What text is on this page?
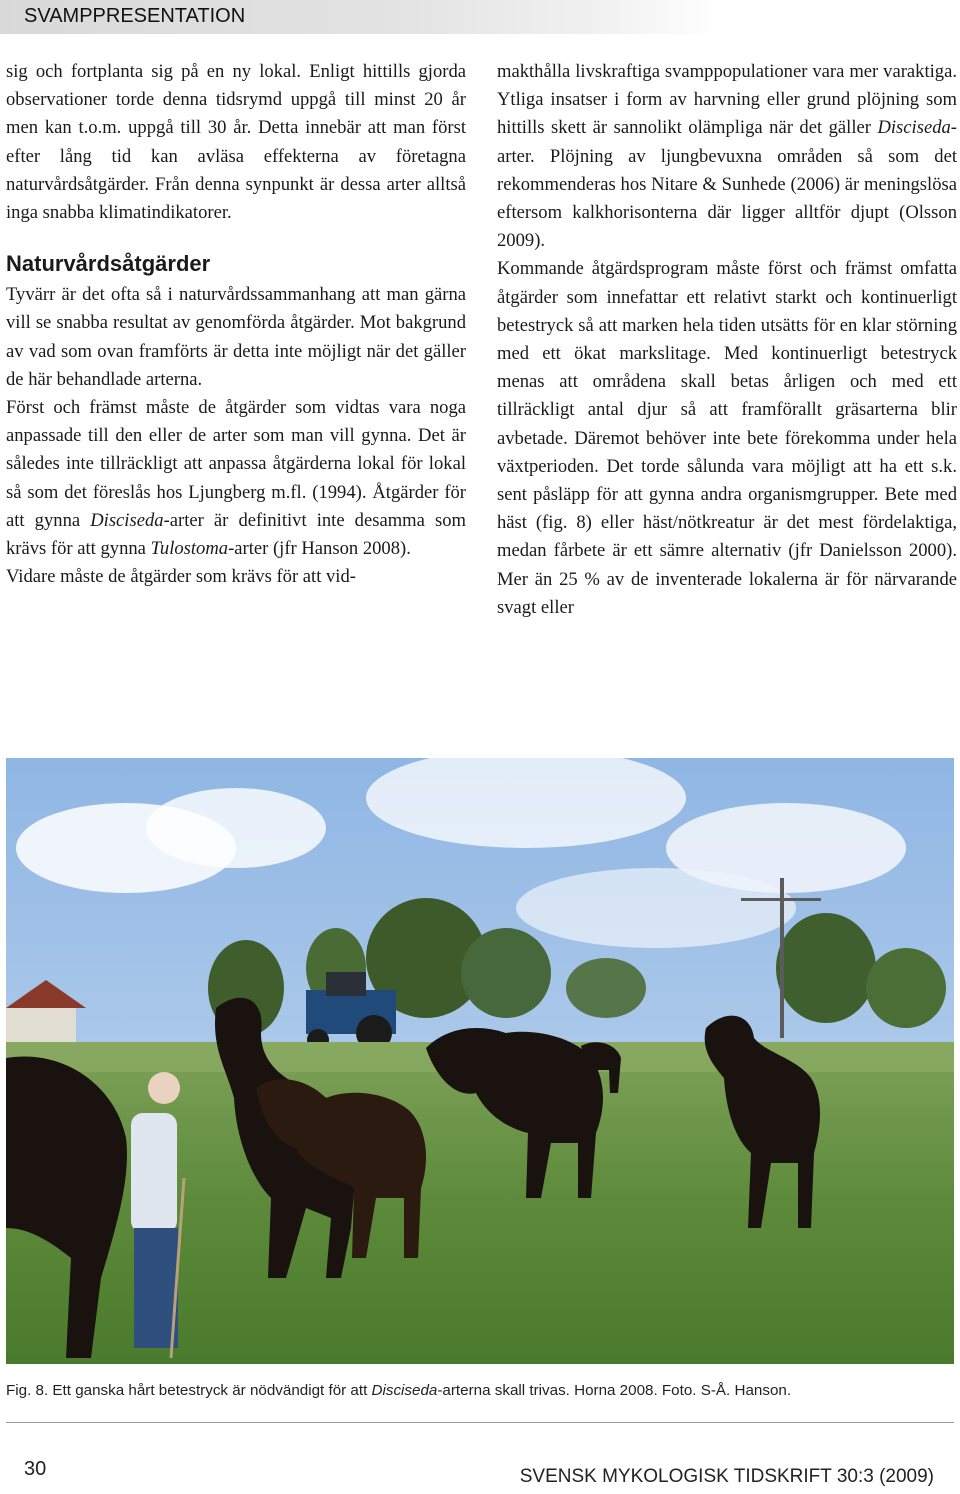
SVAMPPRESENTATION

sig och fortplanta sig på en ny lokal. Enligt hittills gjorda observationer torde denna tidsrymd uppgå till minst 20 år men kan t.o.m. uppgå till 30 år. Detta innebär att man först efter lång tid kan avläsa effekterna av företagna naturvårdsåtgärder. Från denna synpunkt är dessa arter alltså inga snabba klimatindikatorer.

Naturvårdsåtgärder

Tyvärr är det ofta så i naturvårdssammanhang att man gärna vill se snabba resultat av genomförda åtgärder. Mot bakgrund av vad som ovan framförts är detta inte möjligt när det gäller de här behandlade arterna.

Först och främst måste de åtgärder som vidtas vara noga anpassade till den eller de arter som man vill gynna. Det är således inte tillräckligt att anpassa åtgärderna lokal för lokal så som det föreslås hos Ljungberg m.fl. (1994). Åtgärder för att gynna Disciseda-arter är definitivt inte desamma som krävs för att gynna Tulostoma-arter (jfr Hanson 2008).

Vidare måste de åtgärder som krävs för att vid-

makthålla livskraftiga svamppopulationer vara mer varaktiga. Ytliga insatser i form av harvning eller grund plöjning som hittills skett är sannolikt olämpliga när det gäller Disciseda-arter. Plöjning av ljungbevuxna områden så som det rekommenderas hos Nitare & Sunhede (2006) är meningslösa eftersom kalkhorisonterna där ligger alltför djupt (Olsson 2009).

Kommande åtgärdsprogram måste först och främst omfatta åtgärder som innefattar ett relativt starkt och kontinuerligt betestryck så att marken hela tiden utsätts för en klar störning med ett ökat markslitage. Med kontinuerligt betestryck menas att områdena skall betas årligen och med ett tillräckligt antal djur så att framförallt gräsarterna blir avbetade. Däremot behöver inte bete förekomma under hela växtperioden. Det torde sålunda vara möjligt att ha ett s.k. sent påsläpp för att gynna andra organismgrupper. Bete med häst (fig. 8) eller häst/nötkreatur är det mest fördelaktiga, medan fårbete är ett sämre alternativ (jfr Danielsson 2000). Mer än 25 % av de inventerade lokalerna är för närvarande svagt eller

Fig. 8. Ett ganska hårt betestryck är nödvändigt för att Disciseda-arterna skall trivas. Horna 2008. Foto. S-Å. Hanson.
30	SVENSK MYKOLOGISK TIDSKRIFT 30:3 (2009)
